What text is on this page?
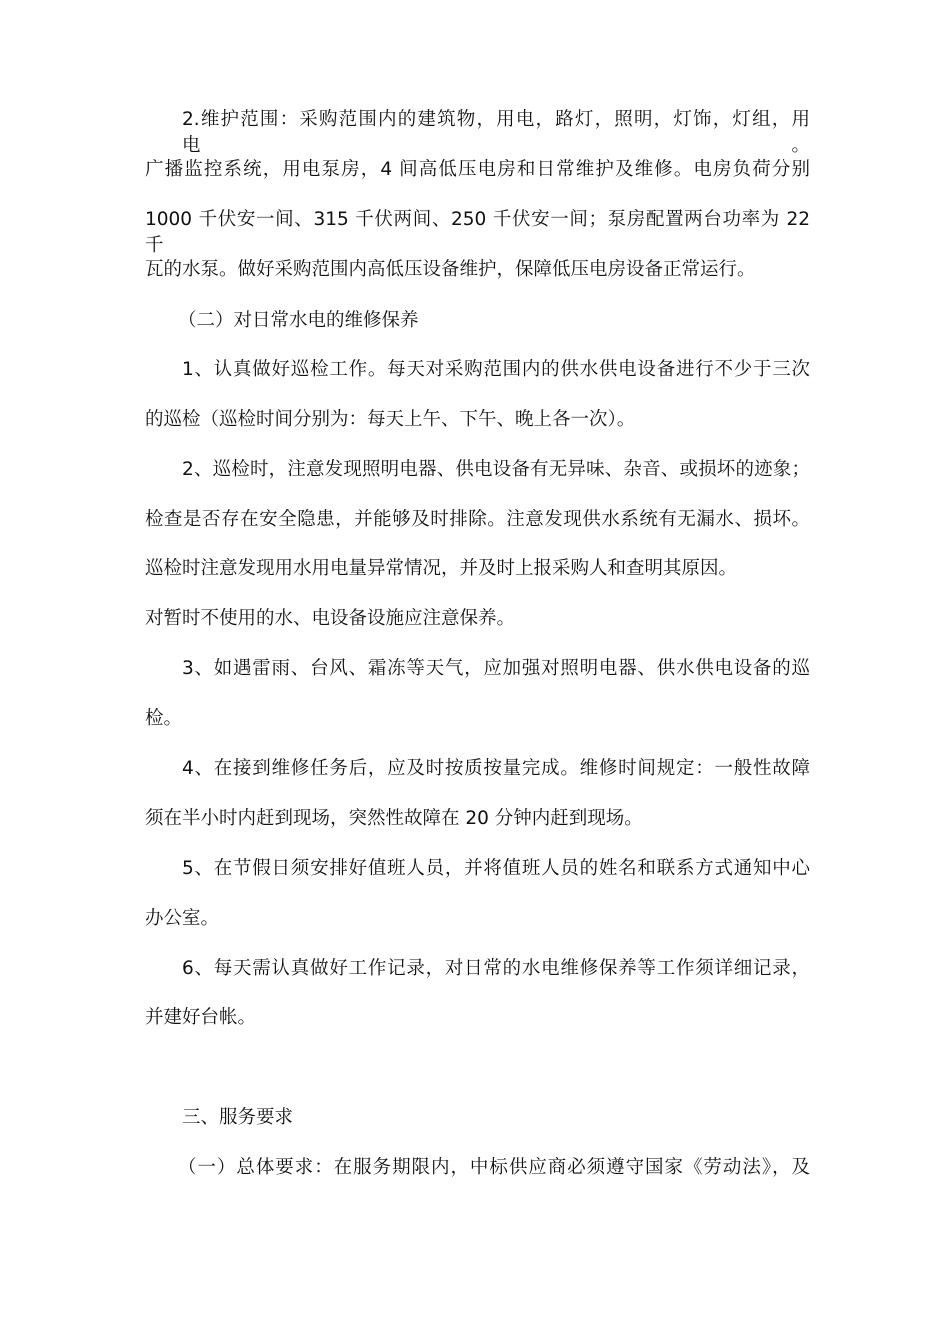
2.维护范围：采购范围内的建筑物，用电，路灯，照明，灯饰，灯组，用电。
广播监控系统，用电泵房，4 间高低压电房和日常维护及维修。电房负荷分别
1000 千伏安一间、315 千伏两间、250 千伏安一间；泵房配置两台功率为 22 千
瓦的水泵。做好采购范围内高低压设备维护，保障低压电房设备正常运行。
（二）对日常水电的维修保养
1、认真做好巡检工作。每天对采购范围内的供水供电设备进行不少于三次
的巡检（巡检时间分别为：每天上午、下午、晚上各一次）。
2、巡检时，注意发现照明电器、供电设备有无异味、杂音、或损坏的迹象；
检查是否存在安全隐患，并能够及时排除。注意发现供水系统有无漏水、损坏。
巡检时注意发现用水用电量异常情况，并及时上报采购人和查明其原因。
对暂时不使用的水、电设备设施应注意保养。
3、如遇雷雨、台风、霜冻等天气，应加强对照明电器、供水供电设备的巡
检。
4、在接到维修任务后，应及时按质按量完成。维修时间规定：一般性故障
须在半小时内赶到现场，突然性故障在 20 分钟内赶到现场。
5、在节假日须安排好值班人员，并将值班人员的姓名和联系方式通知中心
办公室。
6、每天需认真做好工作记录，对日常的水电维修保养等工作须详细记录，
并建好台帐。
三、服务要求
（一）总体要求：在服务期限内，中标供应商必须遵守国家《劳动法》，及
